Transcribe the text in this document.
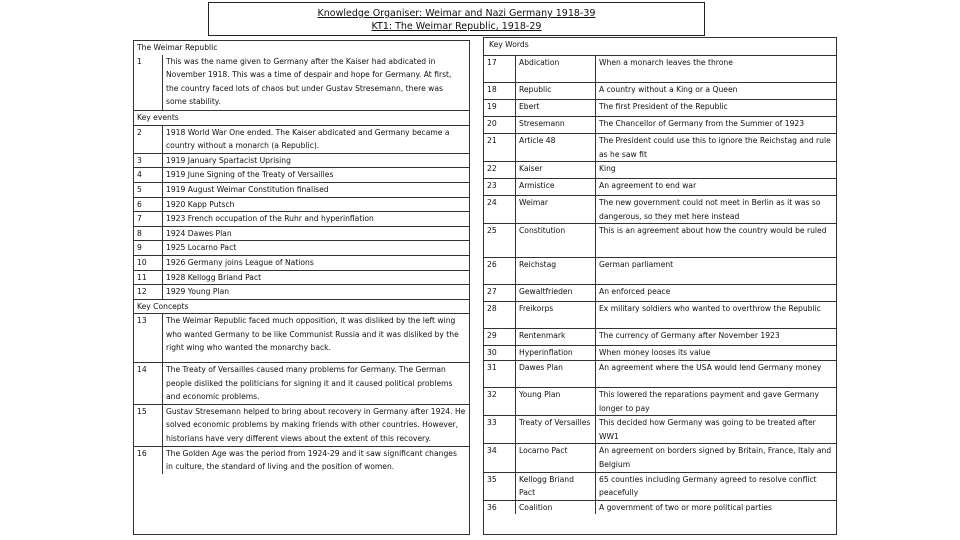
Knowledge Organiser: Weimar and Nazi Germany 1918-39
KT1: The Weimar Republic, 1918-29
The Weimar Republic	
1	This was the name given to Germany after the Kaiser had abdicated in November 1918. This was a time of despair and hope for Germany. At first, the country faced lots of chaos but under Gustav Stresemann, there was some stability.
Key events	
2	1918 World War One ended. The Kaiser abdicated and Germany became a country without a monarch (a Republic).
3	1919 January Spartacist Uprising
4	1919 June Signing of the Treaty of Versailles
5	1919 August Weimar Constitution finalised
6	1920 Kapp Putsch
7	1923 French occupation of the Ruhr and hyperinflation
8	1924 Dawes Plan
9	1925 Locarno Pact
10	1926 Germany joins League of Nations
11	1928 Kellogg Briand Pact
12	1929 Young Plan
Key Concepts	
13	The Weimar Republic faced much opposition, it was disliked by the left wing who wanted Germany to be like Communist Russia and it was disliked by the right wing who wanted the monarchy back.
14	The Treaty of Versailles caused many problems for Germany. The German people disliked the politicians for signing it and it caused political problems and economic problems.
15	Gustav Stresemann helped to bring about recovery in Germany after 1924. He solved economic problems by making friends with other countries. However, historians have very different views about the extent of this recovery.
16	The Golden Age was the period from 1924-29 and it saw significant changes in culture, the standard of living and the position of women.
Key Words		
17	Abdication	When a monarch leaves the throne
18	Republic	A country without a King or a Queen
19	Ebert	The first President of the Republic
20	Stresemann	The Chancellor of Germany from the Summer of 1923
21	Article 48	The President could use this to ignore the Reichstag and rule as he saw fit
22	Kaiser	King
23	Armistice	An agreement to end war
24	Weimar	The new government could not meet in Berlin as it was so dangerous, so they met here instead
25	Constitution	This is an agreement about how the country would be ruled
26	Reichstag	German parliament
27	Gewaltfrieden	An enforced peace
28	Freikorps	Ex military soldiers who wanted to overthrow the Republic
29	Rentenmark	The currency of Germany after November 1923
30	Hyperinflation	When money looses its value
31	Dawes Plan	An agreement where the USA would lend Germany money
32	Young Plan	This lowered the reparations payment and gave Germany longer to pay
33	Treaty of Versailles	This decided how Germany was going to be treated after WW1
34	Locarno Pact	An agreement on borders signed by Britain, France, Italy and Belgium
35	Kellogg Briand Pact	65 counties including Germany agreed to resolve conflict peacefully
36	Coalition	A government of two or more political parties
